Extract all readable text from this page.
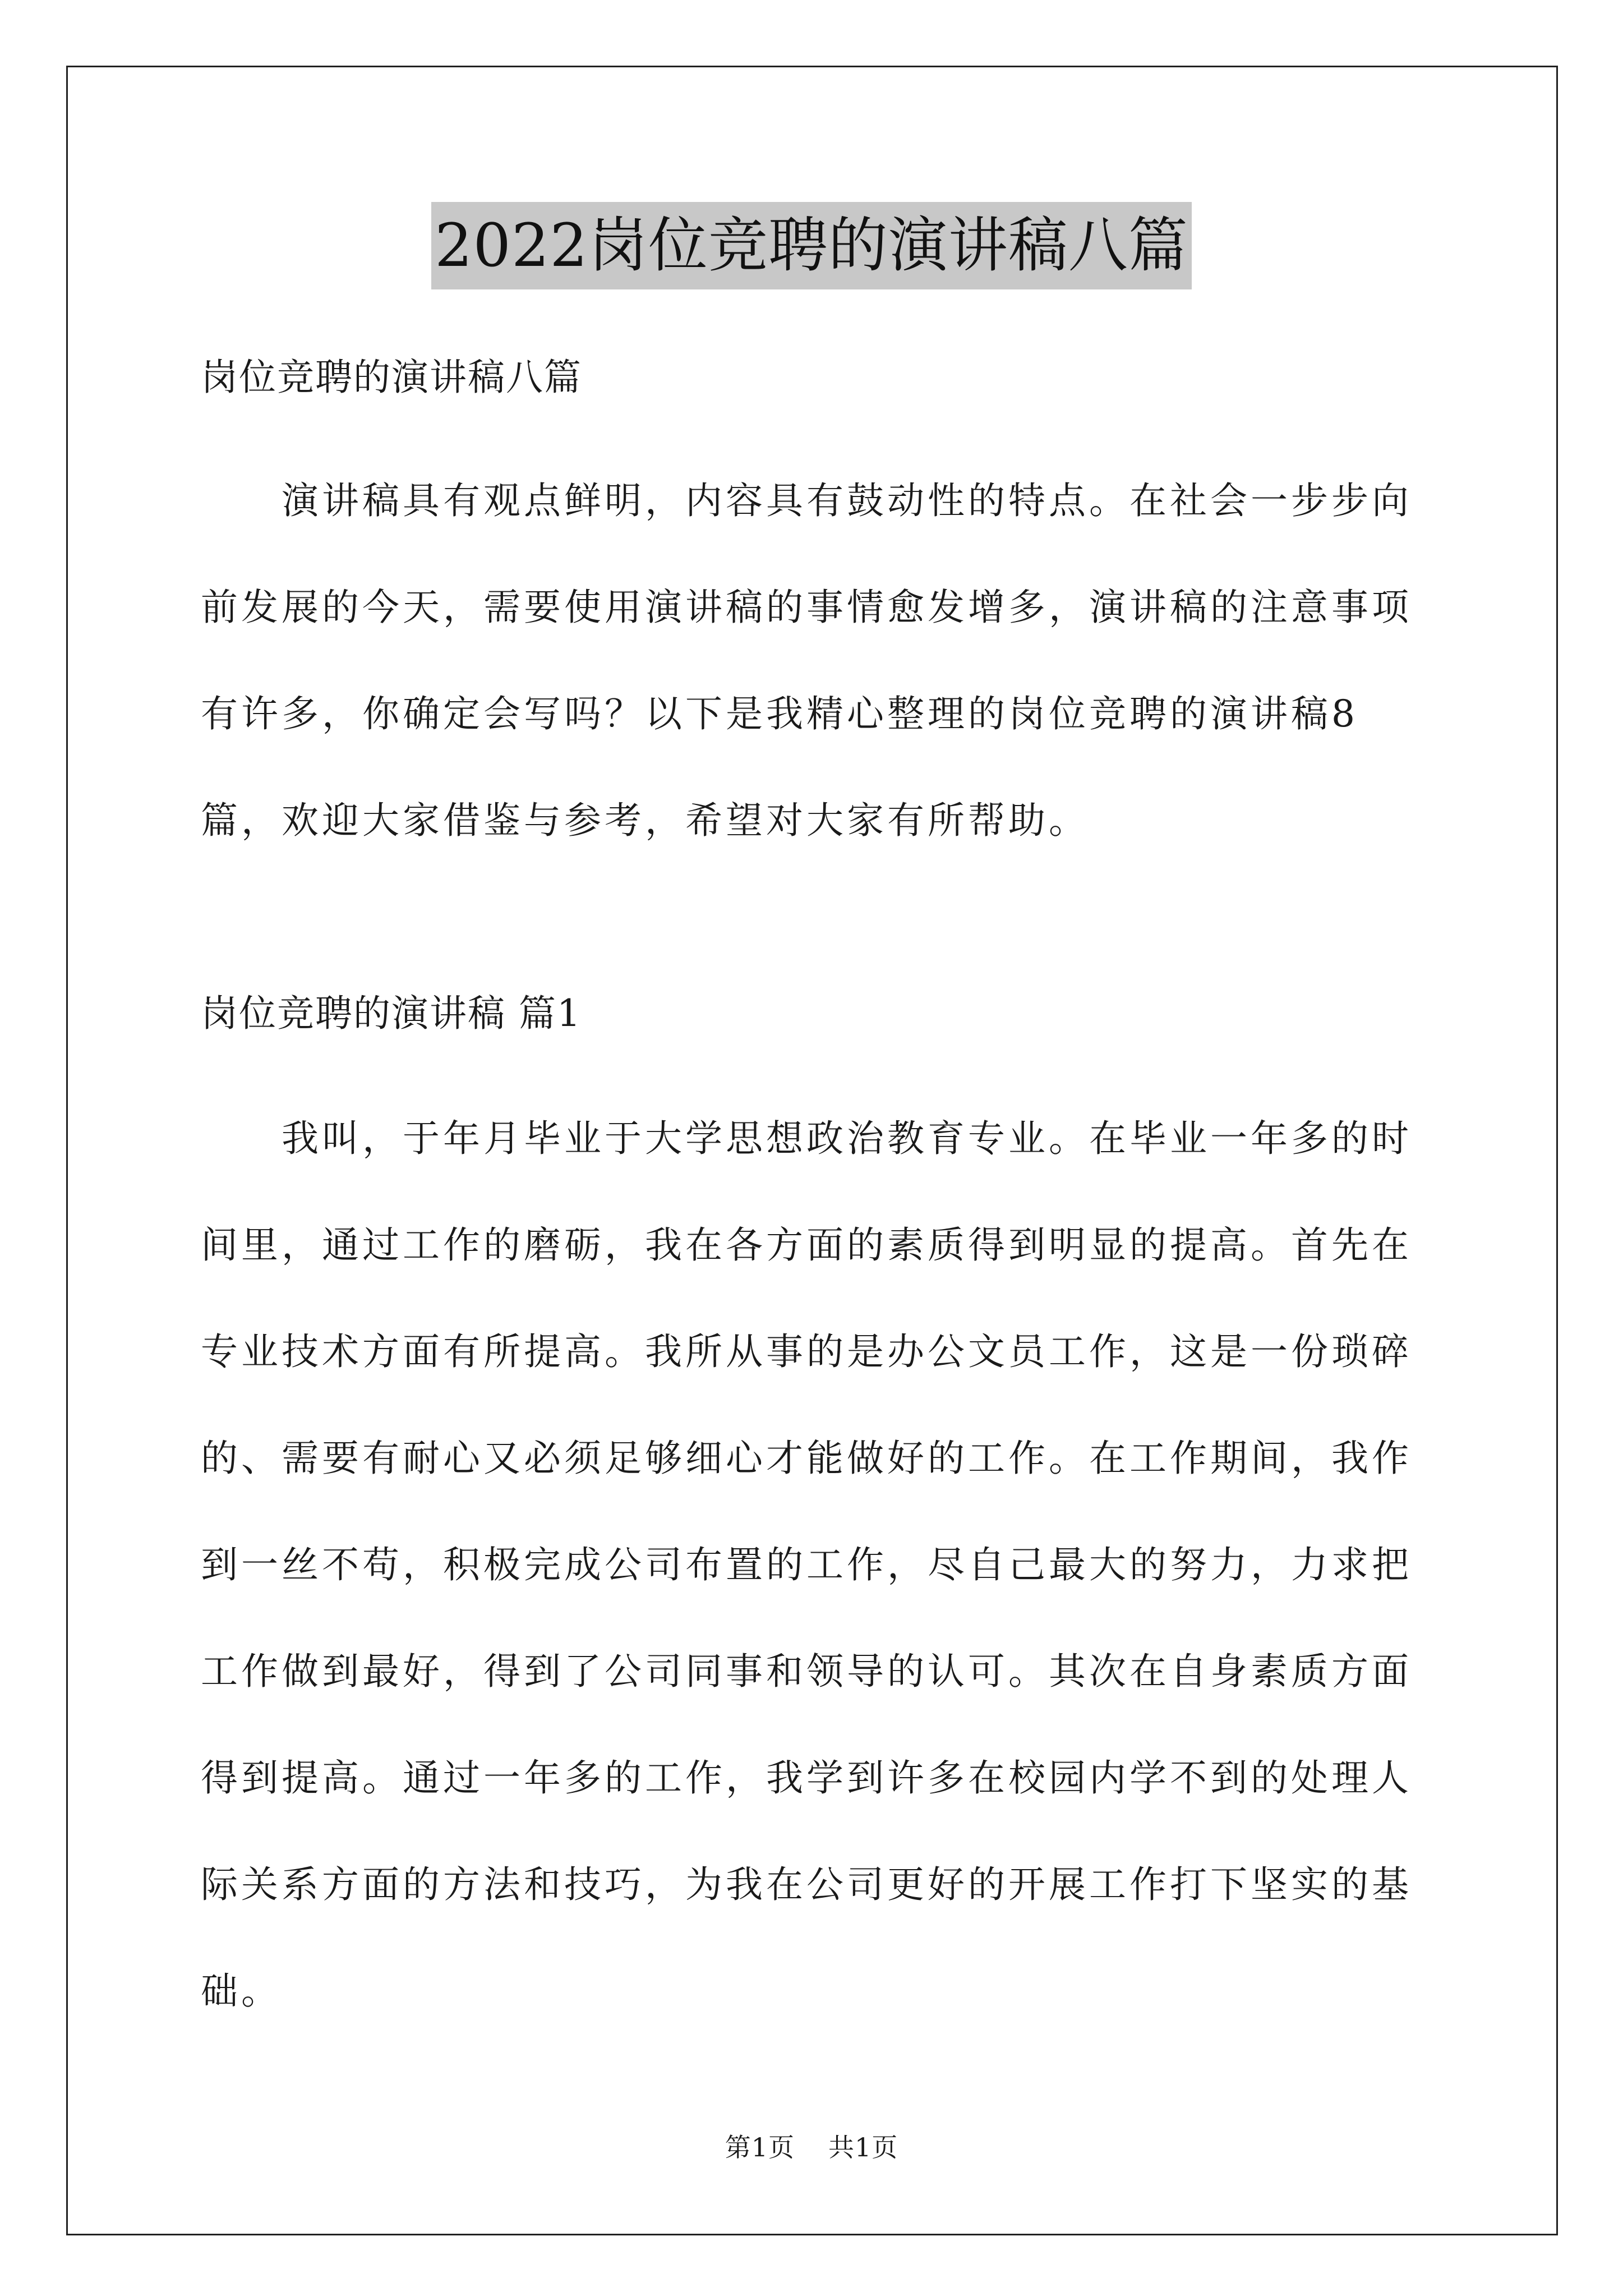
2022岗位竞聘的演讲稿八篇
岗位竞聘的演讲稿八篇

演讲稿具有观点鲜明，内容具有鼓动性的特点。在社会一步步向前发展的今天，需要使用演讲稿的事情愈发增多，演讲稿的注意事项有许多，你确定会写吗？以下是我精心整理的岗位竞聘的演讲稿8篇，欢迎大家借鉴与参考，希望对大家有所帮助。

岗位竞聘的演讲稿 篇1

我叫，于年月毕业于大学思想政治教育专业。在毕业一年多的时间里，通过工作的磨砺，我在各方面的素质得到明显的提高。首先在专业技术方面有所提高。我所从事的是办公文员工作，这是一份琐碎的、需要有耐心又必须足够细心才能做好的工作。在工作期间，我作到一丝不苟，积极完成公司布置的工作，尽自己最大的努力，力求把工作做到最好，得到了公司同事和领导的认可。其次在自身素质方面得到提高。通过一年多的工作，我学到许多在校园内学不到的处理人际关系方面的方法和技巧，为我在公司更好的开展工作打下坚实的基础。

第1页 共1页
